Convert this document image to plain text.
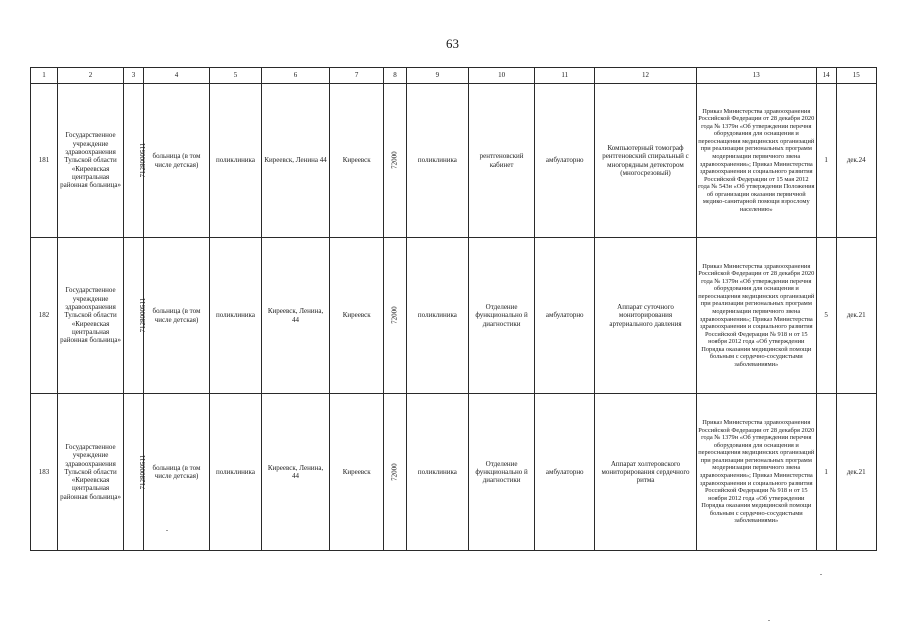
63
1	2	3	4	5	6	7	8	9	10	11	12	13	14	15
181	Государственное учреждение здравоохранения Тульской области «Кирeевская центральная районная больница»	7128000511	больница (в том числе детская)	поликлиника	Киреевск, Ленина 44	Киреевск	72000	поликлиника	рентгеновский кабинет	амбулаторно	Компьютерный томограф рентгеновский спиральный с многорядным детектором (многосрезовый)	Приказ Министерства здравоохранения Российской Федерации от 28 декабря 2020 года № 1379н «Об утверждении перечня оборудования для оснащения и переоснащения медицинских организаций при реализации региональных программ модернизации первичного звена здравоохранения»; Приказ Министерства здравоохранения и социального развития Российской Федерации от 15 мая 2012 года № 543н «Об утверждении Положения об организации оказания первичной медико-санитарной помощи взрослому населению»	1	дек.24
182	Государственное учреждение здравоохранения Тульской области «Киреевская центральная районная больница»	7128000511	больница (в том числе детская)	поликлиника	Киреевск, Ленина, 44	Киреевск	72000	поликлиника	Отделение функционально й диагностики	амбулаторно	Аппарат суточного мониторирования артериального давления	Приказ Министерства здравоохранения Российской Федерации от 28 декабря 2020 года № 1379н «Об утверждении перечня оборудования для оснащения и переоснащения медицинских организаций при реализации региональных программ модернизации первичного звена здравоохранения»; Приказ Министерства здравоохранения и социального развития Российской Федерации № 918 н от 15 ноября 2012 года «Об утверждении Порядка оказания медицинской помощи больным с сердечно-сосудистыми заболеваниями»	5	дек.21
183	Государственное учреждение здравоохранения Тульской области «Киреевская центральная районная больница»	7128000511	больница (в том числе детская)	поликлиника	Киреевск, Ленина, 44	Киреевск	72000	поликлиника	Отделение функционально й диагностики	амбулаторно	Аппарат холтеровского мониторирования сердечного ритма	Приказ Министерства здравоохранения Российской Федерации от 28 декабря 2020 года № 1379н «Об утверждении перечня оборудования для оснащения и переоснащения медицинских организаций при реализации региональных программ модернизации первичного звена здравоохранения»; Приказ Министерства здравоохранения и социального развития Российской Федерации № 918 н от 15 ноября 2012 года «Об утверждении Порядка оказания медицинской помощи больным с сердечно-сосудистыми заболеваниями»	1	дек.21
